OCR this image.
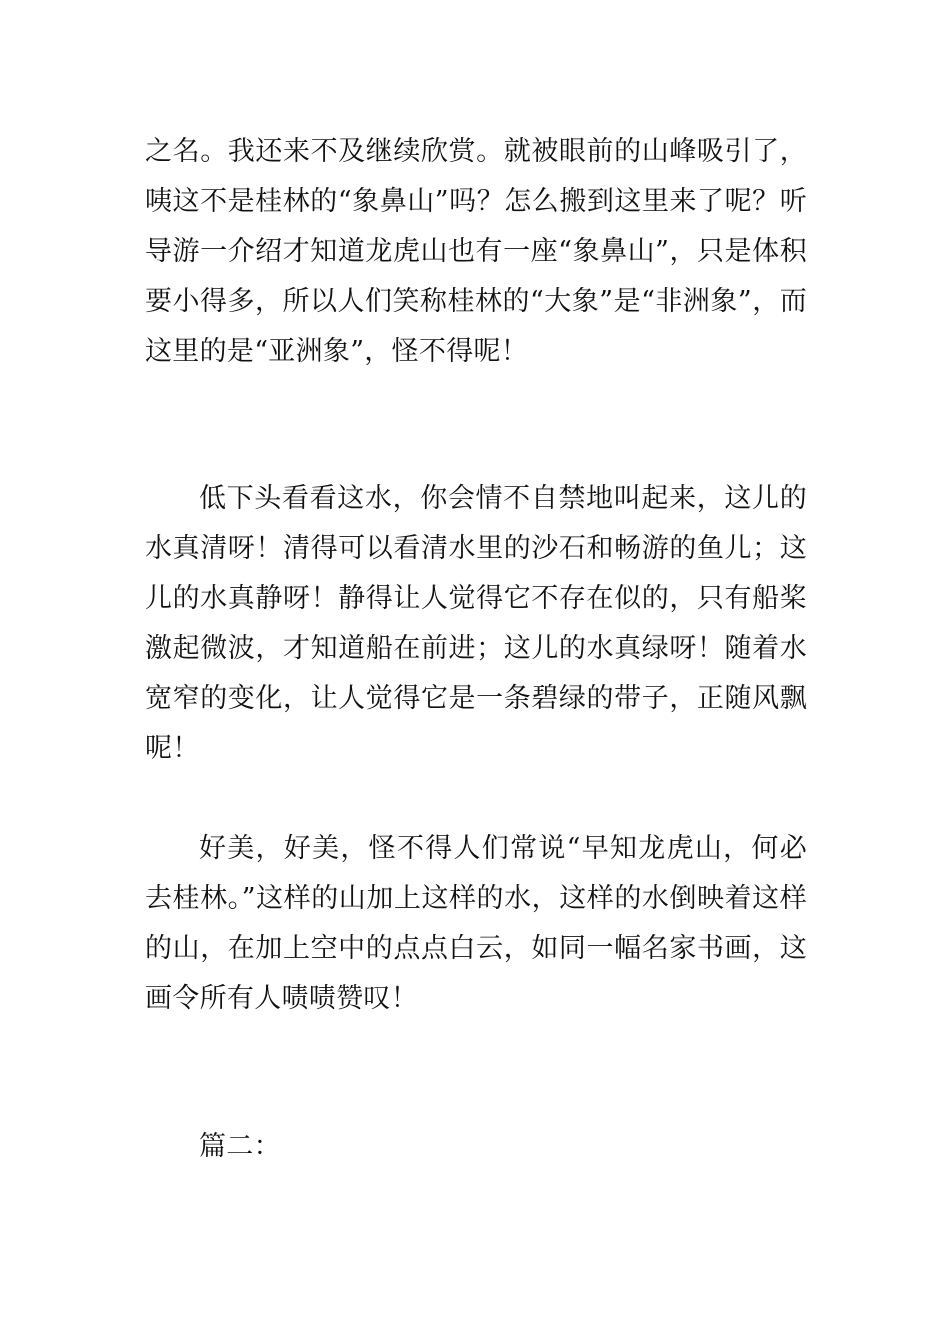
之名。我还来不及继续欣赏。就被眼前的山峰吸引了，咦这不是桂林的“象鼻山”吗？怎么搬到这里来了呢？听导游一介绍才知道龙虎山也有一座“象鼻山”，只是体积要小得多，所以人们笑称桂林的“大象”是“非洲象”，而这里的是“亚洲象”，怪不得呢！

低下头看看这水，你会情不自禁地叫起来，这儿的水真清呀！清得可以看清水里的沙石和畅游的鱼儿；这儿的水真静呀！静得让人觉得它不存在似的，只有船桨激起微波，才知道船在前进；这儿的水真绿呀！随着水宽窄的变化，让人觉得它是一条碧绿的带子，正随风飘呢！

好美，好美，怪不得人们常说“早知龙虎山，何必去桂林。”这样的山加上这样的水，这样的水倒映着这样的山，在加上空中的点点白云，如同一幅名家书画，这画令所有人啧啧赞叹！

篇二：
